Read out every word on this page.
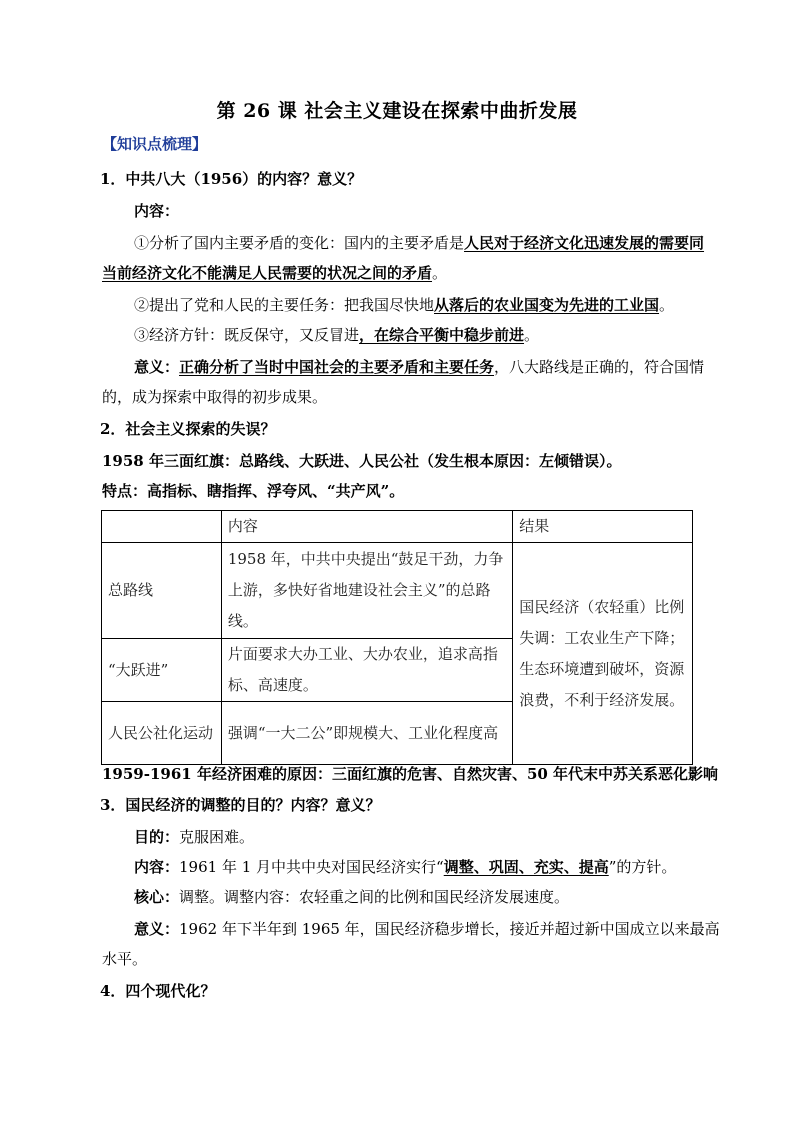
第 26 课 社会主义建设在探索中曲折发展
【知识点梳理】
1．中共八大（1956）的内容？意义？
内容：
①分析了国内主要矛盾的变化：国内的主要矛盾是人民对于经济文化迅速发展的需要同
当前经济文化不能满足人民需要的状况之间的矛盾。
②提出了党和人民的主要任务：把我国尽快地从落后的农业国变为先进的工业国。
③经济方针：既反保守，又反冒进，在综合平衡中稳步前进。
意义：正确分析了当时中国社会的主要矛盾和主要任务，八大路线是正确的，符合国情
的，成为探索中取得的初步成果。
2．社会主义探索的失误？
1958 年三面红旗：总路线、大跃进、人民公社（发生根本原因：左倾错误）。
特点：高指标、瞎指挥、浮夸风、“共产风”。
	内容	结果
总路线	1958 年，中共中央提出“鼓足干劲，力争上游，多快好省地建设社会主义”的总路线。	国民经济（农轻重）比例失调：工农业生产下降；生态环境遭到破坏，资源浪费，不利于经济发展。
“大跃进”	片面要求大办工业、大办农业，追求高指标、高速度。	
人民公社化运动	强调“一大二公”即规模大、工业化程度高	
1959-1961 年经济困难的原因：三面红旗的危害、自然灾害、50 年代末中苏关系恶化影响
3．国民经济的调整的目的？内容？意义？
目的：克服困难。
内容：1961 年 1 月中共中央对国民经济实行“调整、巩固、充实、提高”的方针。
核心：调整。调整内容：农轻重之间的比例和国民经济发展速度。
意义：1962 年下半年到 1965 年，国民经济稳步增长，接近并超过新中国成立以来最高
水平。
4．四个现代化？
